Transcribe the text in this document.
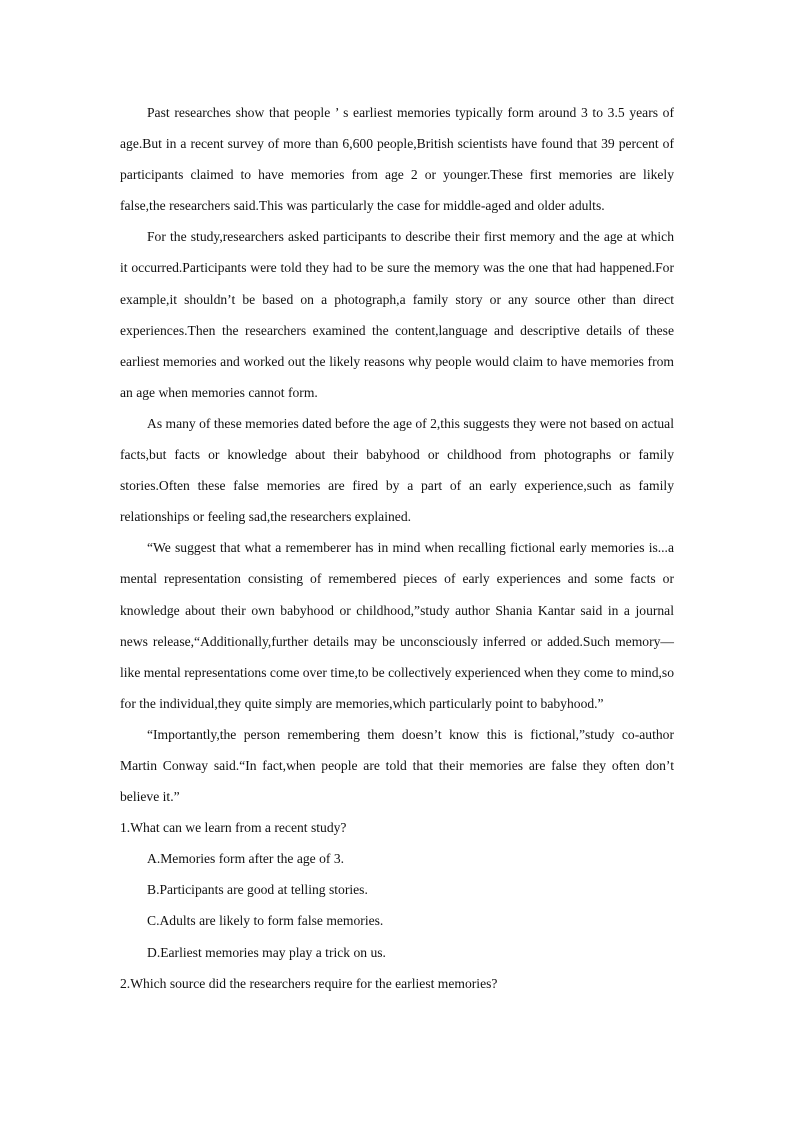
Past researches show that people ’ s earliest memories typically form around 3 to 3.5 years of age.But in a recent survey of more than 6,600 people,British scientists have found that 39 percent of participants claimed to have memories from age 2 or younger.These first memories are likely false,the researchers said.This was particularly the case for middle-aged and older adults.

For the study,researchers asked participants to describe their first memory and the age at which it occurred.Participants were told they had to be sure the memory was the one that had happened.For example,it shouldn’t be based on a photograph,a family story or any source other than direct experiences.Then the researchers examined the content,language and descriptive details of these earliest memories and worked out the likely reasons why people would claim to have memories from an age when memories cannot form.

As many of these memories dated before the age of 2,this suggests they were not based on actual facts,but facts or knowledge about their babyhood or childhood from photographs or family stories.Often these false memories are fired by a part of an early experience,such as family relationships or feeling sad,the researchers explained.

“We suggest that what a rememberer has in mind when recalling fictional early memories is...a mental representation consisting of remembered pieces of early experiences and some facts or knowledge about their own babyhood or childhood,”study author Shania Kantar said in a journal news release,“Additionally,further details may be unconsciously inferred or added.Such memory—like mental representations come over time,to be collectively experienced when they come to mind,so for the individual,they quite simply are memories,which particularly point to babyhood.”

“Importantly,the person remembering them doesn’t know this is fictional,”study co-author Martin Conway said.“In fact,when people are told that their memories are false they often don’t believe it.”

1.What can we learn from a recent study?

A.Memories form after the age of 3.

B.Participants are good at telling stories.

C.Adults are likely to form false memories.

D.Earliest memories may play a trick on us.

2.Which source did the researchers require for the earliest memories?
